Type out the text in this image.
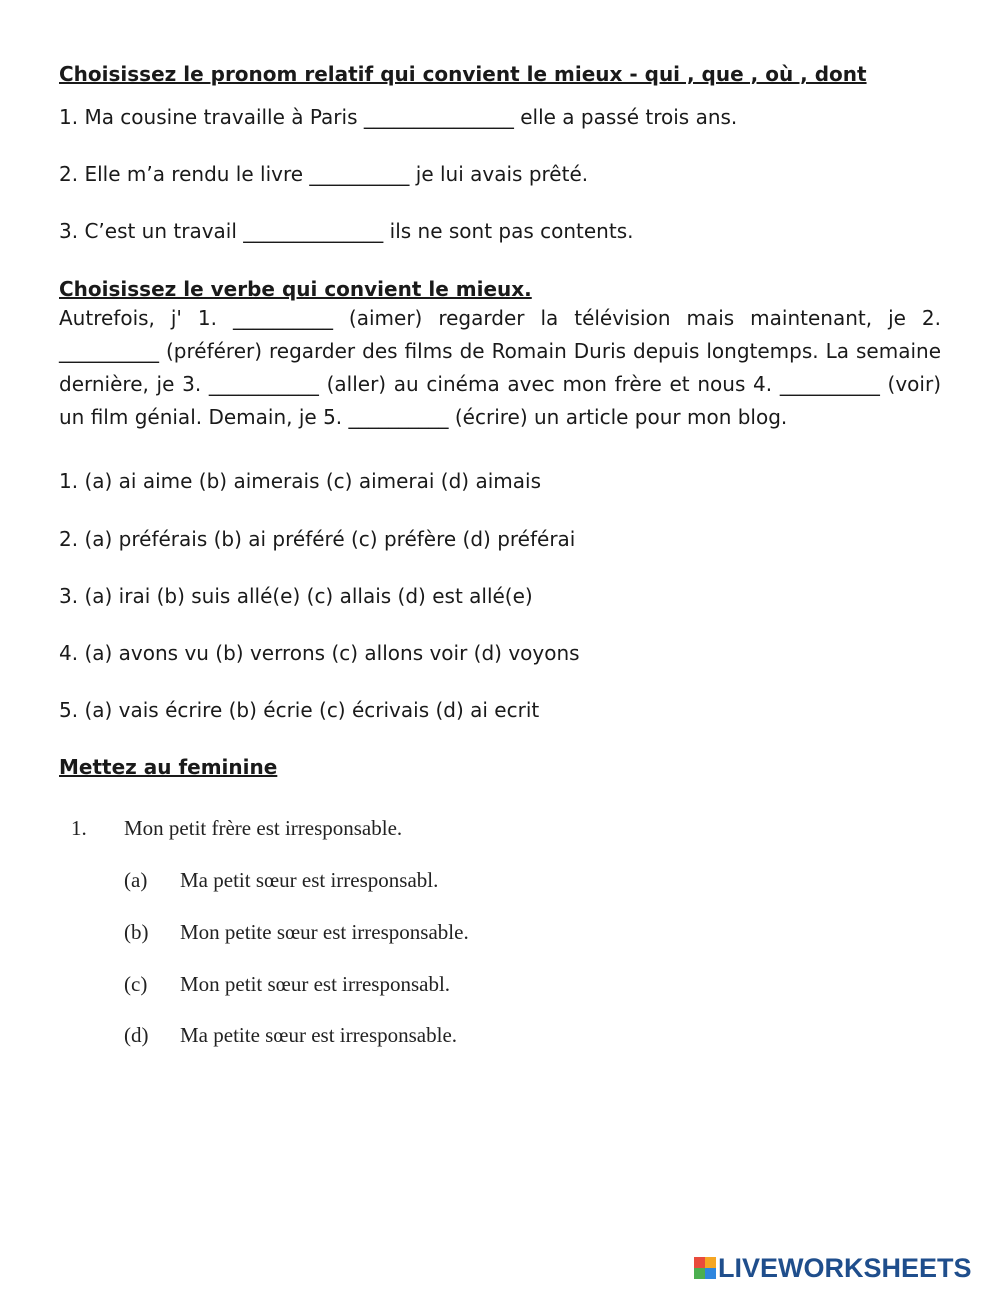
Choisissez le pronom relatif qui convient le mieux - qui , que , où , dont

1. Ma cousine travaille à Paris _______________ elle a passé trois ans.

2. Elle m’a rendu le livre __________ je lui avais prêté.

3. C’est un travail ______________ ils ne sont pas contents.

Choisissez le verbe qui convient le mieux.

Autrefois, j' 1. __________ (aimer) regarder la télévision mais maintenant, je 2. __________ (préférer) regarder des films de Romain Duris depuis longtemps. La semaine dernière, je 3. ___________ (aller) au cinéma avec mon frère et nous 4. __________ (voir) un film génial. Demain, je 5. __________ (écrire) un article pour mon blog.

1. (a) ai aime (b) aimerais (c) aimerai (d) aimais

2. (a) préférais (b) ai préféré (c) préfère (d) préférai

3. (a) irai (b) suis allé(e) (c) allais (d) est allé(e)

4. (a) avons vu (b) verrons (c) allons voir (d) voyons

5. (a) vais écrire (b) écrie (c) écrivais (d) ai ecrit

Mettez au feminine

1. Mon petit frère est irresponsable.
(a) Ma petit sœur est irresponsabl.
(b) Mon petite sœur est irresponsable.
(c) Mon petit sœur est irresponsabl.
(d) Ma petite sœur est irresponsable.
LIVEWORKSHEETS
